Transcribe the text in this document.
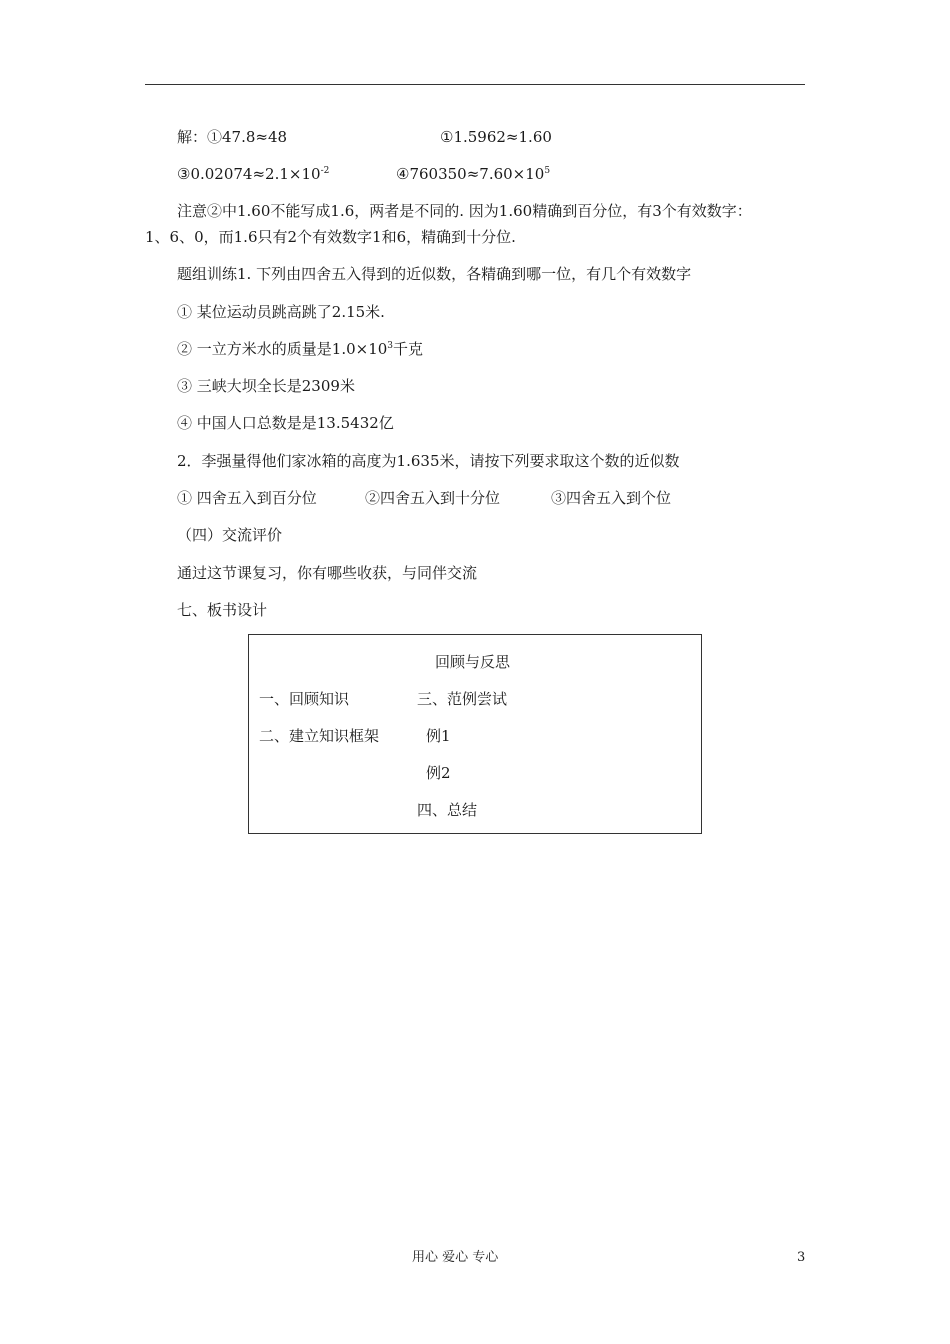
解：①47.8≈48	①1.5962≈1.60
$③0.02074\approx 2.1\times 10^{-2}$	$④760350\approx 7.60\times 10^5$
注意②中1.60不能写成1.6，两者是不同的. 因为1.60精确到百分位，有3个有效数字：
1、6、0，而1.6只有2个有效数字1和6，精确到十分位.
题组训练1. 下列由四舍五入得到的近似数，各精确到哪一位，有几个有效数字
① 某位运动员跳高跳了2.15米.
② 一立方米水的质量是$1.0\times 10^3$千克
③ 三峡大坝全长是2309米
④ 中国人口总数是是13.5432亿
2．李强量得他们家冰箱的高度为1.635米，请按下列要求取这个数的近似数
① 四舍五入到百分位	②四舍五入到十分位	③四舍五入到个位
（四）交流评价
通过这节课复习，你有哪些收获，与同伴交流
七、板书设计
回顾与反思
一、回顾知识	三、范例尝试
二、建立知识框架	例1
例2
四、总结
用心 爱心 专心	3
